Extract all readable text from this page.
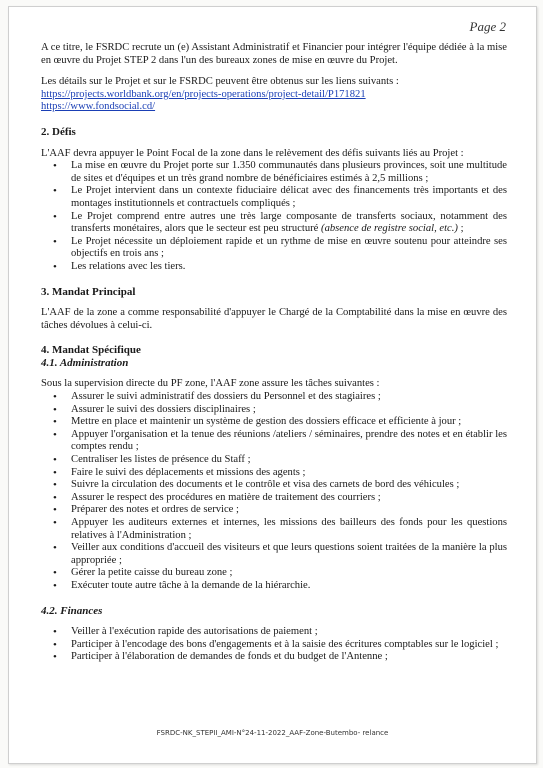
Page 2

A ce titre, le FSRDC recrute un (e) Assistant Administratif et Financier pour intégrer l'équipe dédiée à la mise en œuvre du Projet STEP 2 dans l'un des bureaux zones de mise en œuvre du Projet.

Les détails sur le Projet et sur le FSRDC peuvent être obtenus sur les liens suivants :

https://projects.worldbank.org/en/projects-operations/project-detail/P171821
https://www.fondsocial.cd/

2. Défis

L'AAF devra appuyer le Point Focal de la zone dans le relèvement des défis suivants liés au Projet :

• La mise en œuvre du Projet porte sur 1.350 communautés dans plusieurs provinces, soit une multitude de sites et d'équipes et un très grand nombre de bénéficiaires estimés à 2,5 millions ;
• Le Projet intervient dans un contexte fiduciaire délicat avec des financements très importants et des montages institutionnels et contractuels compliqués ;
• Le Projet comprend entre autres une très large composante de transferts sociaux, notamment des transferts monétaires, alors que le secteur est peu structuré (absence de registre social, etc.) ;
• Le Projet nécessite un déploiement rapide et un rythme de mise en œuvre soutenu pour atteindre ses objectifs en trois ans ;
• Les relations avec les tiers.

3. Mandat Principal

L'AAF de la zone a comme responsabilité d'appuyer le Chargé de la Comptabilité dans la mise en œuvre des tâches dévolues à celui-ci.

4. Mandat Spécifique

4.1. Administration

Sous la supervision directe du PF zone, l'AAF zone assure les tâches suivantes :

• Assurer le suivi administratif des dossiers du Personnel et des stagiaires ;
• Assurer le suivi des dossiers disciplinaires ;
• Mettre en place et maintenir un système de gestion des dossiers efficace et efficiente à jour ;
• Appuyer l'organisation et la tenue des réunions /ateliers / séminaires, prendre des notes et en établir les comptes rendu ;
• Centraliser les listes de présence du Staff ;
• Faire le suivi des déplacements et missions des agents ;
• Suivre la circulation des documents et le contrôle et visa des carnets de bord des véhicules ;
• Assurer le respect des procédures en matière de traitement des courriers ;
• Préparer des notes et ordres de service ;
• Appuyer les auditeurs externes et internes, les missions des bailleurs des fonds pour les questions relatives à l'Administration ;
• Veiller aux conditions d'accueil des visiteurs et que leurs questions soient traitées de la manière la plus appropriée ;
• Gérer la petite caisse du bureau zone ;
• Exécuter toute autre tâche à la demande de la hiérarchie.

4.2. Finances

• Veiller à l'exécution rapide des autorisations de paiement ;
• Participer à l'encodage des bons d'engagements et à la saisie des écritures comptables sur le logiciel ;
• Participer à l'élaboration de demandes de fonds et du budget de l'Antenne ;
FSRDC-NK_STEPII_AMI-N°24-11-2022_AAF-Zone-Butembo- relance
